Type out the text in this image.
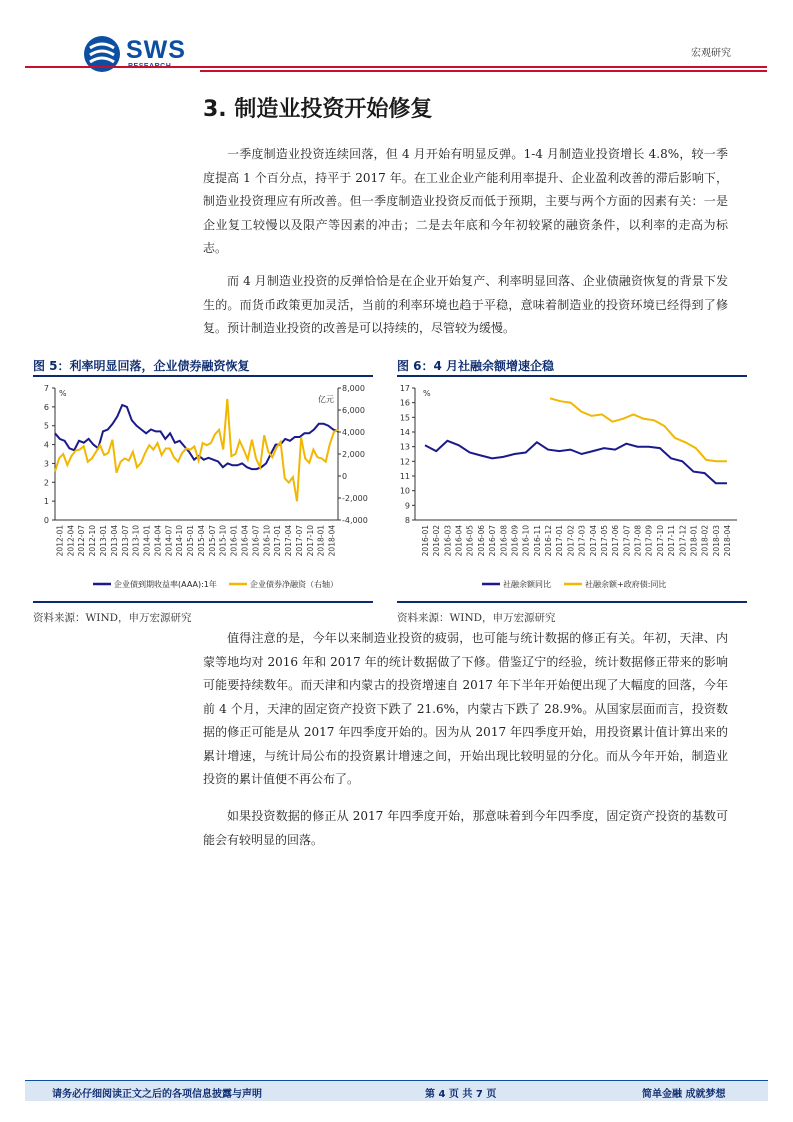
SWS	宏观研究
3. 制造业投资开始修复
一季度制造业投资连续回落，但 4 月开始有明显反弹。1-4 月制造业投资增长 4.8%，较一季度提高 1 个百分点，持平于 2017 年。在工业企业产能利用率提升、企业盈利改善的滞后影响下，制造业投资理应有所改善。但一季度制造业投资反而低于预期，主要与两个方面的因素有关：一是企业复工较慢以及限产等因素的冲击；二是去年底和今年初较紧的融资条件，以利率的走高为标志。
而 4 月制造业投资的反弹恰恰是在企业开始复产、利率明显回落、企业债融资恢复的背景下发生的。而货币政策更加灵活，当前的利率环境也趋于平稳，意味着制造业的投资环境已经得到了修复。预计制造业投资的改善是可以持续的，尽管较为缓慢。
图 5：利率明显回落，企业债券融资恢复
0
1
2
3
4
5
6
7
-4,000
-2,000
0
2,000
4,000
6,000
8,000
%
亿元
2012-01 2012-04 2012-07 2012-10 2013-01 2013-04 2013-07 2013-10 2014-01 2014-04 2014-07 2014-10 2015-01 2015-04 2015-07 2015-10 2016-01 2016-04 2016-07 2016-10 2017-01 2017-04 2017-07 2017-10 2018-01 2018-04
企业债到期收益率(AAA):1年	企业债券净融资（右轴）
资料来源：WIND，申万宏源研究
图 6：4 月社融余额增速企稳
8
9
10
11
12
13
14
15
16
17
%
2016-01 2016-02 2016-03 2016-04 2016-05 2016-06 2016-07 2016-08 2016-09 2016-10 2016-11 2016-12 2017-01 2017-02 2017-03 2017-04 2017-05 2017-06 2017-07 2017-08 2017-09 2017-10 2017-11 2017-12 2018-01 2018-02 2018-03 2018-04
社融余额同比	社融余额+政府债:同比
资料来源：WIND，申万宏源研究
值得注意的是，今年以来制造业投资的疲弱，也可能与统计数据的修正有关。年初，天津、内蒙等地均对 2016 年和 2017 年的统计数据做了下修。借鉴辽宁的经验，统计数据修正带来的影响可能要持续数年。而天津和内蒙古的投资增速自 2017 年下半年开始便出现了大幅度的回落，今年前 4 个月，天津的固定资产投资下跌了 21.6%，内蒙古下跌了 28.9%。从国家层面而言，投资数据的修正可能是从 2017 年四季度开始的。因为从 2017 年四季度开始，用投资累计值计算出来的累计增速，与统计局公布的投资累计增速之间，开始出现比较明显的分化。而从今年开始，制造业投资的累计值便不再公布了。
如果投资数据的修正从 2017 年四季度开始，那意味着到今年四季度，固定资产投资的基数可能会有较明显的回落。
请务必仔细阅读正文之后的各项信息披露与声明	第 4 页 共 7 页	简单金融 成就梦想
